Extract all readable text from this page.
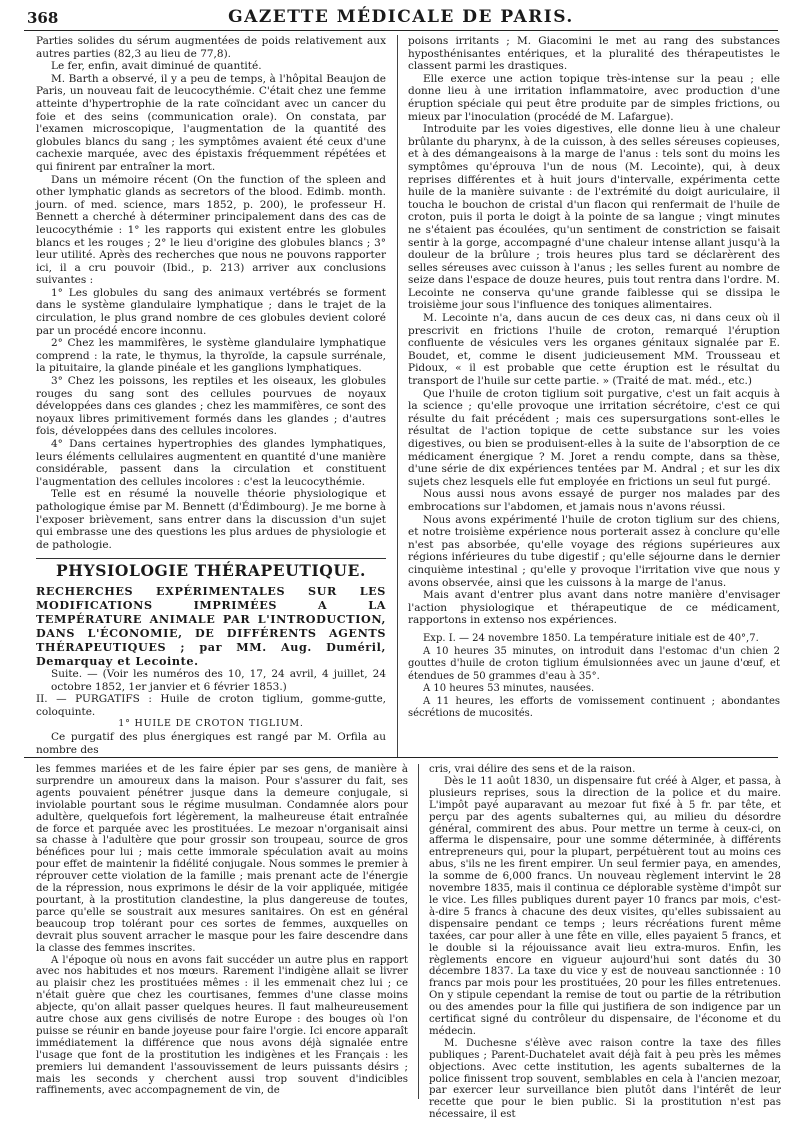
368	GAZETTE MÉDICALE DE PARIS.

Parties solides du sérum augmentées de poids relativement aux autres parties (82,3 au lieu de 77,8).

Le fer, enfin, avait diminué de quantité.

M. Barth a observé, il y a peu de temps, à l'hôpital Beaujon de Paris, un nouveau fait de leucocythémie. C'était chez une femme atteinte d'hypertrophie de la rate coïncidant avec un cancer du foie et des seins (communication orale). On constata, par l'examen microscopique, l'augmentation de la quantité des globules blancs du sang ; les symptômes avaient été ceux d'une cachexie marquée, avec des épistaxis fréquemment répétées et qui finirent par entraîner la mort.

Dans un mémoire récent (On the function of the spleen and other lymphatic glands as secretors of the blood. Edimb. month. journ. of med. science, mars 1852, p. 200), le professeur H. Bennett a cherché à déterminer principalement dans des cas de leucocythémie : 1° les rapports qui existent entre les globules blancs et les rouges ; 2° le lieu d'origine des globules blancs ; 3° leur utilité. Après des recherches que nous ne pouvons rapporter ici, il a cru pouvoir (Ibid., p. 213) arriver aux conclusions suivantes :

1° Les globules du sang des animaux vertébrés se forment dans le système glandulaire lymphatique ; dans le trajet de la circulation, le plus grand nombre de ces globules devient coloré par un procédé encore inconnu.

2° Chez les mammifères, le système glandulaire lymphatique comprend : la rate, le thymus, la thyroïde, la capsule surrénale, la pituitaire, la glande pinéale et les ganglions lymphatiques.

3° Chez les poissons, les reptiles et les oiseaux, les globules rouges du sang sont des cellules pourvues de noyaux développées dans ces glandes ; chez les mammifères, ce sont des noyaux libres primitivement formés dans les glandes ; d'autres fois, développées dans des cellules incolores.

4° Dans certaines hypertrophies des glandes lymphatiques, leurs éléments cellulaires augmentent en quantité d'une manière considérable, passent dans la circulation et constituent l'augmentation des cellules incolores : c'est la leucocythémie.

Telle est en résumé la nouvelle théorie physiologique et pathologique émise par M. Bennett (d'Édimbourg). Je me borne à l'exposer brièvement, sans entrer dans la discussion d'un sujet qui embrasse une des questions les plus ardues de physiologie et de pathologie.

PHYSIOLOGIE THÉRAPEUTIQUE.

RECHERCHES EXPÉRIMENTALES SUR LES MODIFICATIONS IMPRIMÉES A LA TEMPÉRATURE ANIMALE PAR L'INTRODUCTION, DANS L'ÉCONOMIE, DE DIFFÉRENTS AGENTS THÉRAPEUTIQUES ; par MM. Aug. Duméril, Demarquay et Lecointe.

Suite. — (Voir les numéros des 10, 17, 24 avril, 4 juillet, 24 octobre 1852, 1er janvier et 6 février 1853.)

II. — PURGATIFS : Huile de croton tiglium, gomme-gutte, coloquinte.

1° HUILE DE CROTON TIGLIUM.

Ce purgatif des plus énergiques est rangé par M. Orfila au nombre des

poisons irritants ; M. Giacomini le met au rang des substances hyposthénisantes entériques, et la pluralité des thérapeutistes le classent parmi les drastiques.

Elle exerce une action topique très-intense sur la peau ; elle donne lieu à une irritation inflammatoire, avec production d'une éruption spéciale qui peut être produite par de simples frictions, ou mieux par l'inoculation (procédé de M. Lafargue).

Introduite par les voies digestives, elle donne lieu à une chaleur brûlante du pharynx, à de la cuisson, à des selles séreuses copieuses, et à des démangeaisons à la marge de l'anus : tels sont du moins les symptômes qu'éprouva l'un de nous (M. Lecointe), qui, à deux reprises différentes et à huit jours d'intervalle, expérimenta cette huile de la manière suivante : de l'extrémité du doigt auriculaire, il toucha le bouchon de cristal d'un flacon qui renfermait de l'huile de croton, puis il porta le doigt à la pointe de sa langue ; vingt minutes ne s'étaient pas écoulées, qu'un sentiment de constriction se faisait sentir à la gorge, accompagné d'une chaleur intense allant jusqu'à la douleur de la brûlure ; trois heures plus tard se déclarèrent des selles séreuses avec cuisson à l'anus ; les selles furent au nombre de seize dans l'espace de douze heures, puis tout rentra dans l'ordre. M. Lecointe ne conserva qu'une grande faiblesse qui se dissipa le troisième jour sous l'influence des toniques alimentaires.

M. Lecointe n'a, dans aucun de ces deux cas, ni dans ceux où il prescrivit en frictions l'huile de croton, remarqué l'éruption confluente de vésicules vers les organes génitaux signalée par E. Boudet, et, comme le disent judicieusement MM. Trousseau et Pidoux, « il est probable que cette éruption est le résultat du transport de l'huile sur cette partie. » (Traité de mat. méd., etc.)

Que l'huile de croton tiglium soit purgative, c'est un fait acquis à la science ; qu'elle provoque une irritation sécrétoire, c'est ce qui résulte du fait précédent ; mais ces supersurgations sont-elles le résultat de l'action topique de cette substance sur les voies digestives, ou bien se produisent-elles à la suite de l'absorption de ce médicament énergique ? M. Joret a rendu compte, dans sa thèse, d'une série de dix expériences tentées par M. Andral ; et sur les dix sujets chez lesquels elle fut employée en frictions un seul fut purgé.

Nous aussi nous avons essayé de purger nos malades par des embrocations sur l'abdomen, et jamais nous n'avons réussi.

Nous avons expérimenté l'huile de croton tiglium sur des chiens, et notre troisième expérience nous porterait assez à conclure qu'elle n'est pas absorbée, qu'elle voyage des régions supérieures aux régions inférieures du tube digestif ; qu'elle séjourne dans le dernier cinquième intestinal ; qu'elle y provoque l'irritation vive que nous y avons observée, ainsi que les cuissons à la marge de l'anus.

Mais avant d'entrer plus avant dans notre manière d'envisager l'action physiologique et thérapeutique de ce médicament, rapportons in extenso nos expériences.

Exp. I. — 24 novembre 1850. La température initiale est de 40°,7.

A 10 heures 35 minutes, on introduit dans l'estomac d'un chien 2 gouttes d'huile de croton tiglium émulsionnées avec un jaune d'œuf, et étendues de 50 grammes d'eau à 35°.

A 10 heures 53 minutes, nausées.

A 11 heures, les efforts de vomissement continuent ; abondantes sécrétions de mucosités.

les femmes mariées et de les faire épier par ses gens, de manière à surprendre un amoureux dans la maison. Pour s'assurer du fait, ses agents pouvaient pénétrer jusque dans la demeure conjugale, si inviolable pourtant sous le régime musulman. Condamnée alors pour adultère, quelquefois fort légèrement, la malheureuse était entraînée de force et parquée avec les prostituées. Le mezoar n'organisait ainsi sa chasse à l'adultère que pour grossir son troupeau, source de gros bénéfices pour lui ; mais cette immorale spéculation avait au moins pour effet de maintenir la fidélité conjugale. Nous sommes le premier à réprouver cette violation de la famille ; mais prenant acte de l'énergie de la répression, nous exprimons le désir de la voir appliquée, mitigée pourtant, à la prostitution clandestine, la plus dangereuse de toutes, parce qu'elle se soustrait aux mesures sanitaires. On est en général beaucoup trop tolérant pour ces sortes de femmes, auxquelles on devrait plus souvent arracher le masque pour les faire descendre dans la classe des femmes inscrites.

A l'époque où nous en avons fait succéder un autre plus en rapport avec nos habitudes et nos mœurs. Rarement l'indigène allait se livrer au plaisir chez les prostituées mêmes : il les emmenait chez lui ; ce n'était guère que chez les courtisanes, femmes d'une classe moins abjecte, qu'on allait passer quelques heures. Il faut malheureusement autre chose aux gens civilisés de notre Europe : des bouges où l'on puisse se réunir en bande joyeuse pour faire l'orgie. Ici encore apparaît immédiatement la différence que nous avons déjà signalée entre l'usage que font de la prostitution les indigènes et les Français : les premiers lui demandent l'assouvissement de leurs puissants désirs ; mais les seconds y cherchent aussi trop souvent d'indicibles raffinements, avec accompagnement de vin, de

cris, vrai délire des sens et de la raison.

Dès le 11 août 1830, un dispensaire fut créé à Alger, et passa, à plusieurs reprises, sous la direction de la police et du maire. L'impôt payé auparavant au mezoar fut fixé à 5 fr. par tête, et perçu par des agents subalternes qui, au milieu du désordre général, commirent des abus. Pour mettre un terme à ceux-ci, on afferma le dispensaire, pour une somme déterminée, à différents entrepreneurs qui, pour la plupart, perpétuèrent tout au moins ces abus, s'ils ne les firent empirer. Un seul fermier paya, en amendes, la somme de 6,000 francs. Un nouveau règlement intervint le 28 novembre 1835, mais il continua ce déplorable système d'impôt sur le vice. Les filles publiques durent payer 10 francs par mois, c'est-à-dire 5 francs à chacune des deux visites, qu'elles subissaient au dispensaire pendant ce temps ; leurs récréations furent même taxées, car pour aller à une fête en ville, elles payaient 5 francs, et le double si la réjouissance avait lieu extra-muros. Enfin, les règlements encore en vigueur aujourd'hui sont datés du 30 décembre 1837. La taxe du vice y est de nouveau sanctionnée : 10 francs par mois pour les prostituées, 20 pour les filles entretenues. On y stipule cependant la remise de tout ou partie de la rétribution ou des amendes pour la fille qui justifiera de son indigence par un certificat signé du contrôleur du dispensaire, de l'économe et du médecin.

M. Duchesne s'élève avec raison contre la taxe des filles publiques ; Parent-Duchatelet avait déjà fait à peu près les mêmes objections. Avec cette institution, les agents subalternes de la police finissent trop souvent, semblables en cela à l'ancien mezoar, par exercer leur surveillance bien plutôt dans l'intérêt de leur recette que pour le bien public. Si la prostitution n'est pas nécessaire, il est
